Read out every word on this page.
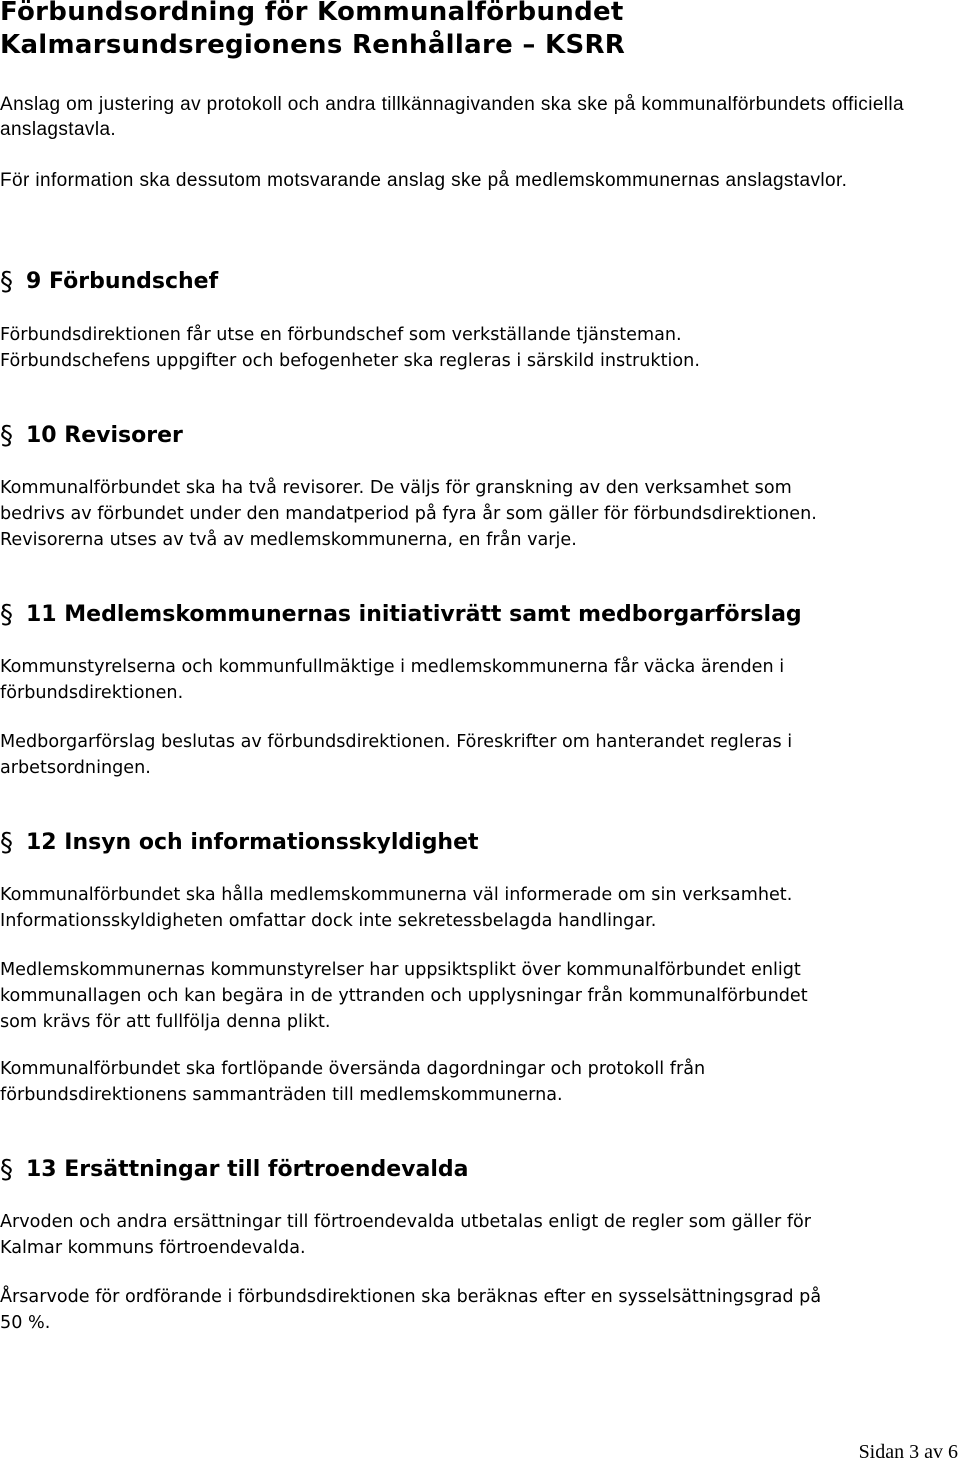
Förbundsordning för Kommunalförbundet
Kalmarsundsregionens Renhållare – KSRR

Anslag om justering av protokoll och andra tillkännagivanden ska ske på kommunalförbundets officiella anslagstavla.

För information ska dessutom motsvarande anslag ske på medlemskommunernas anslagstavlor.

§ 9 Förbundschef

Förbundsdirektionen får utse en förbundschef som verkställande tjänsteman.
Förbundschefens uppgifter och befogenheter ska regleras i särskild instruktion.

§ 10 Revisorer

Kommunalförbundet ska ha två revisorer. De väljs för granskning av den verksamhet som
bedrivs av förbundet under den mandatperiod på fyra år som gäller för förbundsdirektionen.
Revisorerna utses av två av medlemskommunerna, en från varje.

§ 11 Medlemskommunernas initiativrätt samt medborgarförslag

Kommunstyrelserna och kommunfullmäktige i medlemskommunerna får väcka ärenden i
förbundsdirektionen.

Medborgarförslag beslutas av förbundsdirektionen. Föreskrifter om hanterandet regleras i
arbetsordningen.

§ 12 Insyn och informationsskyldighet

Kommunalförbundet ska hålla medlemskommunerna väl informerade om sin verksamhet.
Informationsskyldigheten omfattar dock inte sekretessbelagda handlingar.

Medlemskommunernas kommunstyrelser har uppsiktsplikt över kommunalförbundet enligt
kommunallagen och kan begära in de yttranden och upplysningar från kommunalförbundet
som krävs för att fullfölja denna plikt.

Kommunalförbundet ska fortlöpande översända dagordningar och protokoll från
förbundsdirektionens sammanträden till medlemskommunerna.

§ 13 Ersättningar till förtroendevalda

Arvoden och andra ersättningar till förtroendevalda utbetalas enligt de regler som gäller för
Kalmar kommuns förtroendevalda.

Årsarvode för ordförande i förbundsdirektionen ska beräknas efter en sysselsättningsgrad på
50 %.

Sidan 3 av 6
